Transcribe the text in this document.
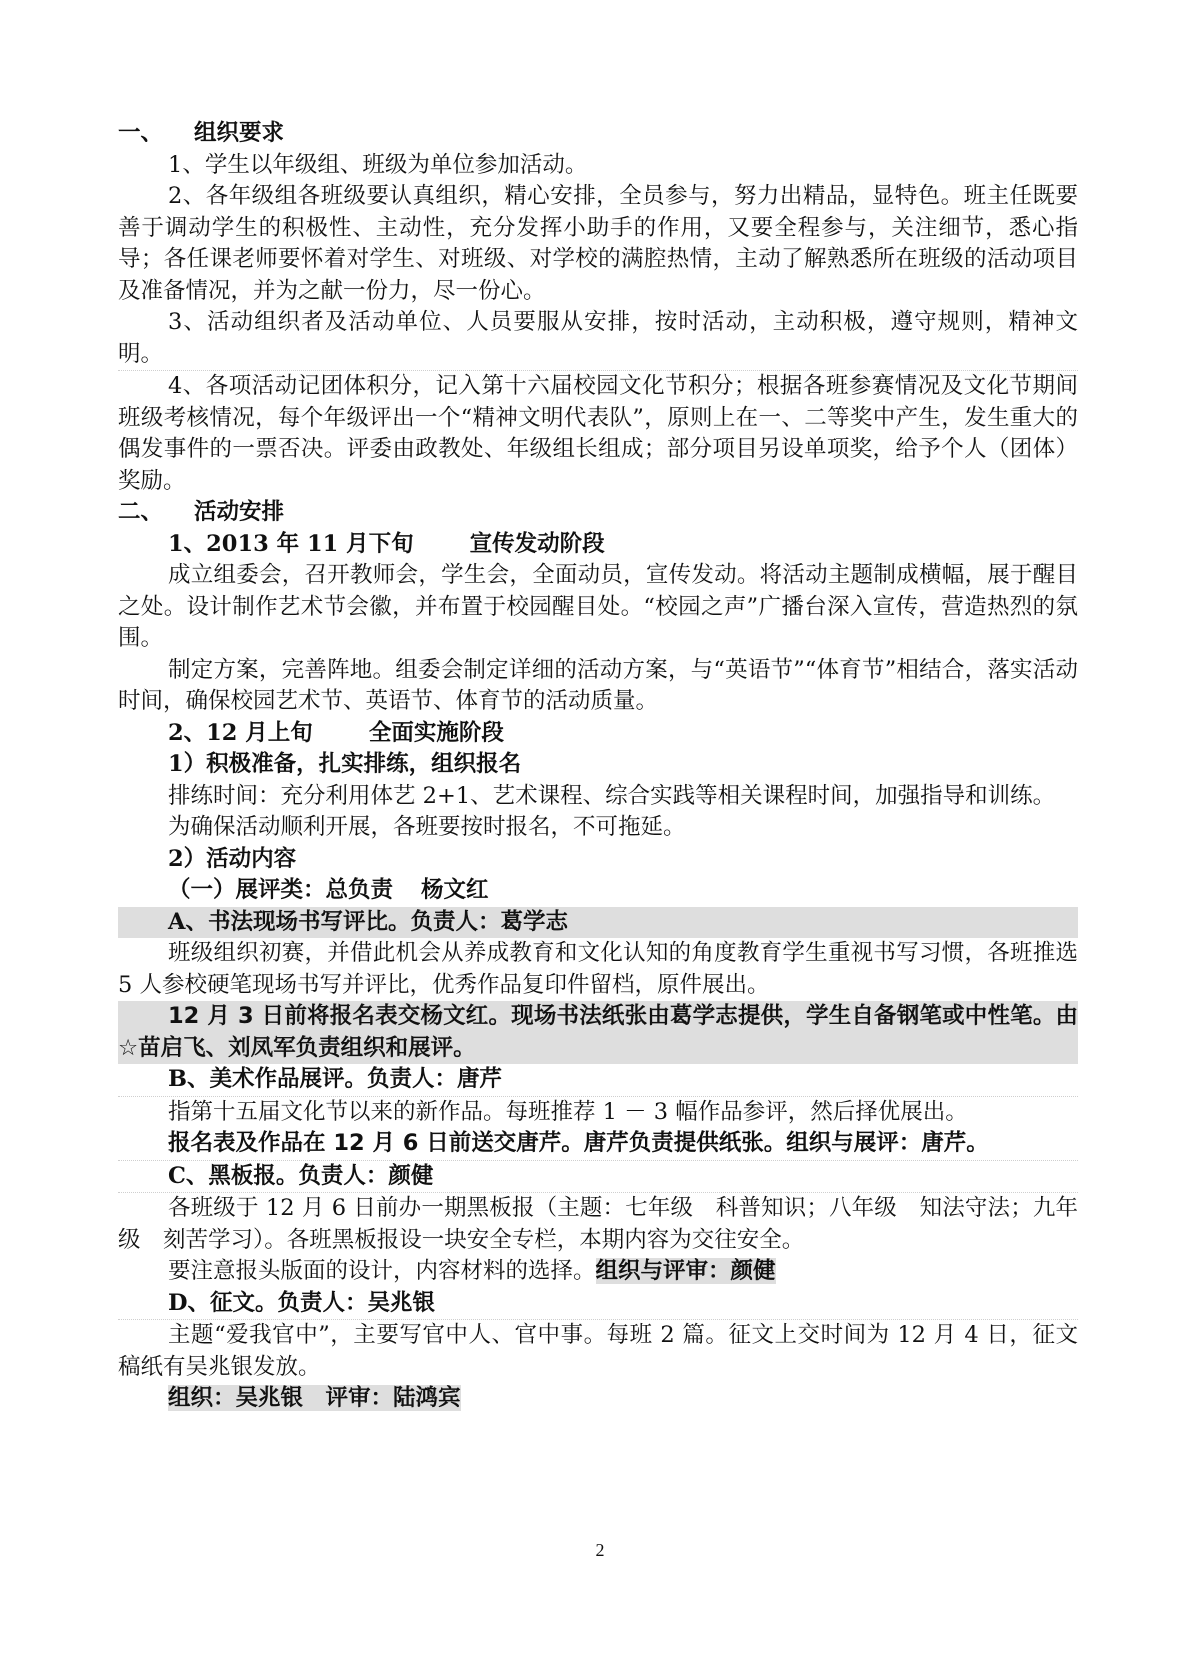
一、 组织要求
1、学生以年级组、班级为单位参加活动。
2、各年级组各班级要认真组织，精心安排，全员参与，努力出精品，显特色。班主任既要善于调动学生的积极性、主动性，充分发挥小助手的作用，又要全程参与，关注细节，悉心指导；各任课老师要怀着对学生、对班级、对学校的满腔热情，主动了解熟悉所在班级的活动项目及准备情况，并为之献一份力，尽一份心。
3、活动组织者及活动单位、人员要服从安排，按时活动，主动积极，遵守规则，精神文明。
4、各项活动记团体积分，记入第十六届校园文化节积分；根据各班参赛情况及文化节期间班级考核情况，每个年级评出一个“精神文明代表队”，原则上在一、二等奖中产生，发生重大的偶发事件的一票否决。评委由政教处、年级组长组成；部分项目另设单项奖，给予个人（团体）奖励。
二、 活动安排
1、2013 年 11 月下旬 宣传发动阶段
成立组委会，召开教师会，学生会，全面动员，宣传发动。将活动主题制成横幅，展于醒目之处。设计制作艺术节会徽，并布置于校园醒目处。“校园之声”广播台深入宣传，营造热烈的氛围。
制定方案，完善阵地。组委会制定详细的活动方案，与“英语节”“体育节”相结合，落实活动时间，确保校园艺术节、英语节、体育节的活动质量。
2、12 月上旬 全面实施阶段
1）积极准备，扎实排练，组织报名
排练时间：充分利用体艺 2+1、艺术课程、综合实践等相关课程时间，加强指导和训练。
为确保活动顺利开展，各班要按时报名，不可拖延。
2）活动内容
（一）展评类：总负责 杨文红
A、书法现场书写评比。负责人：葛学志
班级组织初赛，并借此机会从养成教育和文化认知的角度教育学生重视书写习惯，各班推选 5 人参校硬笔现场书写并评比，优秀作品复印件留档，原件展出。
12 月 3 日前将报名表交杨文红。现场书法纸张由葛学志提供，学生自备钢笔或中性笔。由☆苗启飞、刘凤军负责组织和展评。
B、美术作品展评。负责人：唐芹
指第十五届文化节以来的新作品。每班推荐 1 － 3 幅作品参评，然后择优展出。
报名表及作品在 12 月 6 日前送交唐芹。唐芹负责提供纸张。组织与展评：唐芹。
C、黑板报。负责人：颜健
各班级于 12 月 6 日前办一期黑板报（主题：七年级　科普知识；八年级　知法守法；九年级　刻苦学习）。各班黑板报设一块安全专栏，本期内容为交往安全。
要注意报头版面的设计，内容材料的选择。组织与评审：颜健
D、征文。负责人：吴兆银
主题“爱我官中”，主要写官中人、官中事。每班 2 篇。征文上交时间为 12 月 4 日，征文稿纸有吴兆银发放。
组织：吴兆银　评审：陆鸿宾
2
